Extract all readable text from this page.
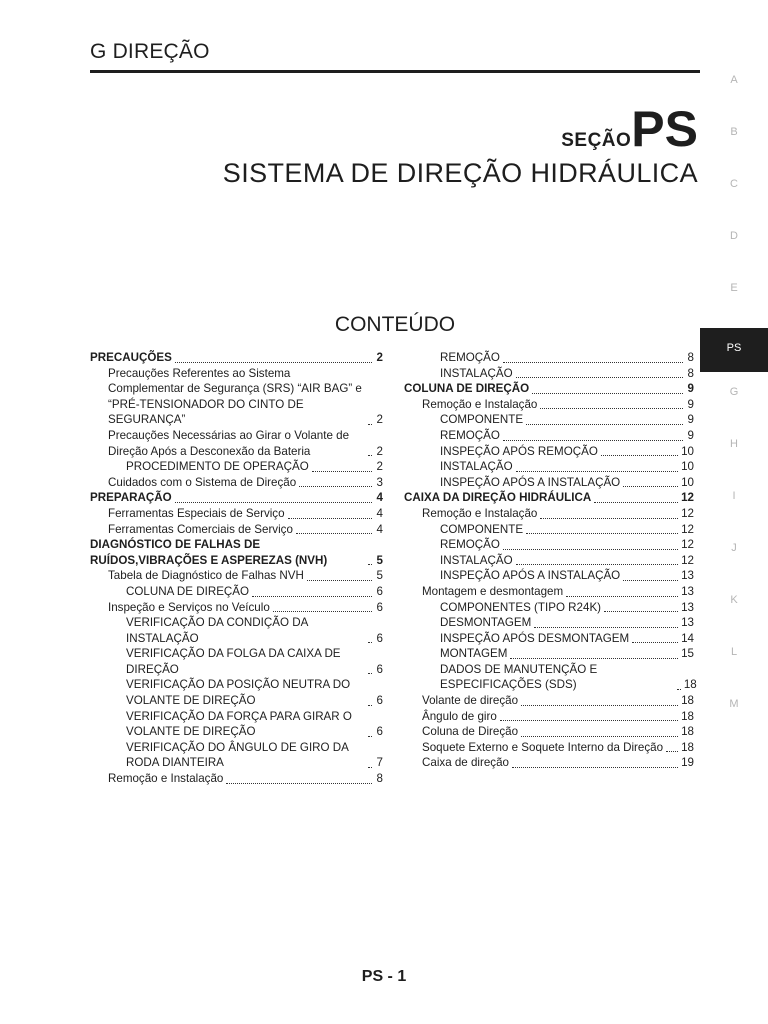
G DIREÇÃO
SEÇÃOPS
SISTEMA DE DIREÇÃO HIDRÁULICA
CONTEÚDO
PRECAUÇÕES	2
Precauções Referentes ao Sistema Complementar de Segurança (SRS) “AIR BAG” e “PRÉ-TENSIONADOR DO CINTO DE SEGURANÇA”	2
Precauções Necessárias ao Girar o Volante de Direção Após a Desconexão da Bateria	2
PROCEDIMENTO DE OPERAÇÃO	2
Cuidados com o Sistema de Direção	3
PREPARAÇÃO	4
Ferramentas Especiais de Serviço	4
Ferramentas Comerciais de Serviço	4
DIAGNÓSTICO DE FALHAS DE RUÍDOS,VIBRAÇÕES E ASPEREZAS (NVH)	5
Tabela de Diagnóstico de Falhas NVH	5
COLUNA DE DIREÇÃO	6
Inspeção e Serviços no Veículo	6
VERIFICAÇÃO DA CONDIÇÃO DA INSTALAÇÃO	6
VERIFICAÇÃO DA FOLGA DA CAIXA DE DIREÇÃO	6
VERIFICAÇÃO DA POSIÇÃO NEUTRA DO VOLANTE DE DIREÇÃO	6
VERIFICAÇÃO DA FORÇA PARA GIRAR O VOLANTE DE DIREÇÃO	6
VERIFICAÇÃO DO ÂNGULO DE GIRO DA RODA DIANTEIRA	7
Remoção e Instalação	8
REMOÇÃO	8
INSTALAÇÃO	8
COLUNA DE DIREÇÃO	9
Remoção e Instalação	9
COMPONENTE	9
REMOÇÃO	9
INSPEÇÃO APÓS REMOÇÃO	10
INSTALAÇÃO	10
INSPEÇÃO APÓS A INSTALAÇÃO	10
CAIXA DA DIREÇÃO HIDRÁULICA	12
Remoção e Instalação	12
COMPONENTE	12
REMOÇÃO	12
INSTALAÇÃO	12
INSPEÇÃO APÓS A INSTALAÇÃO	13
Montagem e desmontagem	13
COMPONENTES (TIPO R24K)	13
DESMONTAGEM	13
INSPEÇÃO APÓS DESMONTAGEM	14
MONTAGEM	15
DADOS DE MANUTENÇÃO E ESPECIFICAÇÕES (SDS)	18
Volante de direção	18
Ângulo de giro	18
Coluna de Direção	18
Soquete Externo e Soquete Interno da Direção 18
Caixa de direção	19
A
B
C
D
E
PS
G
H
I
J
K
L
M
PS - 1
